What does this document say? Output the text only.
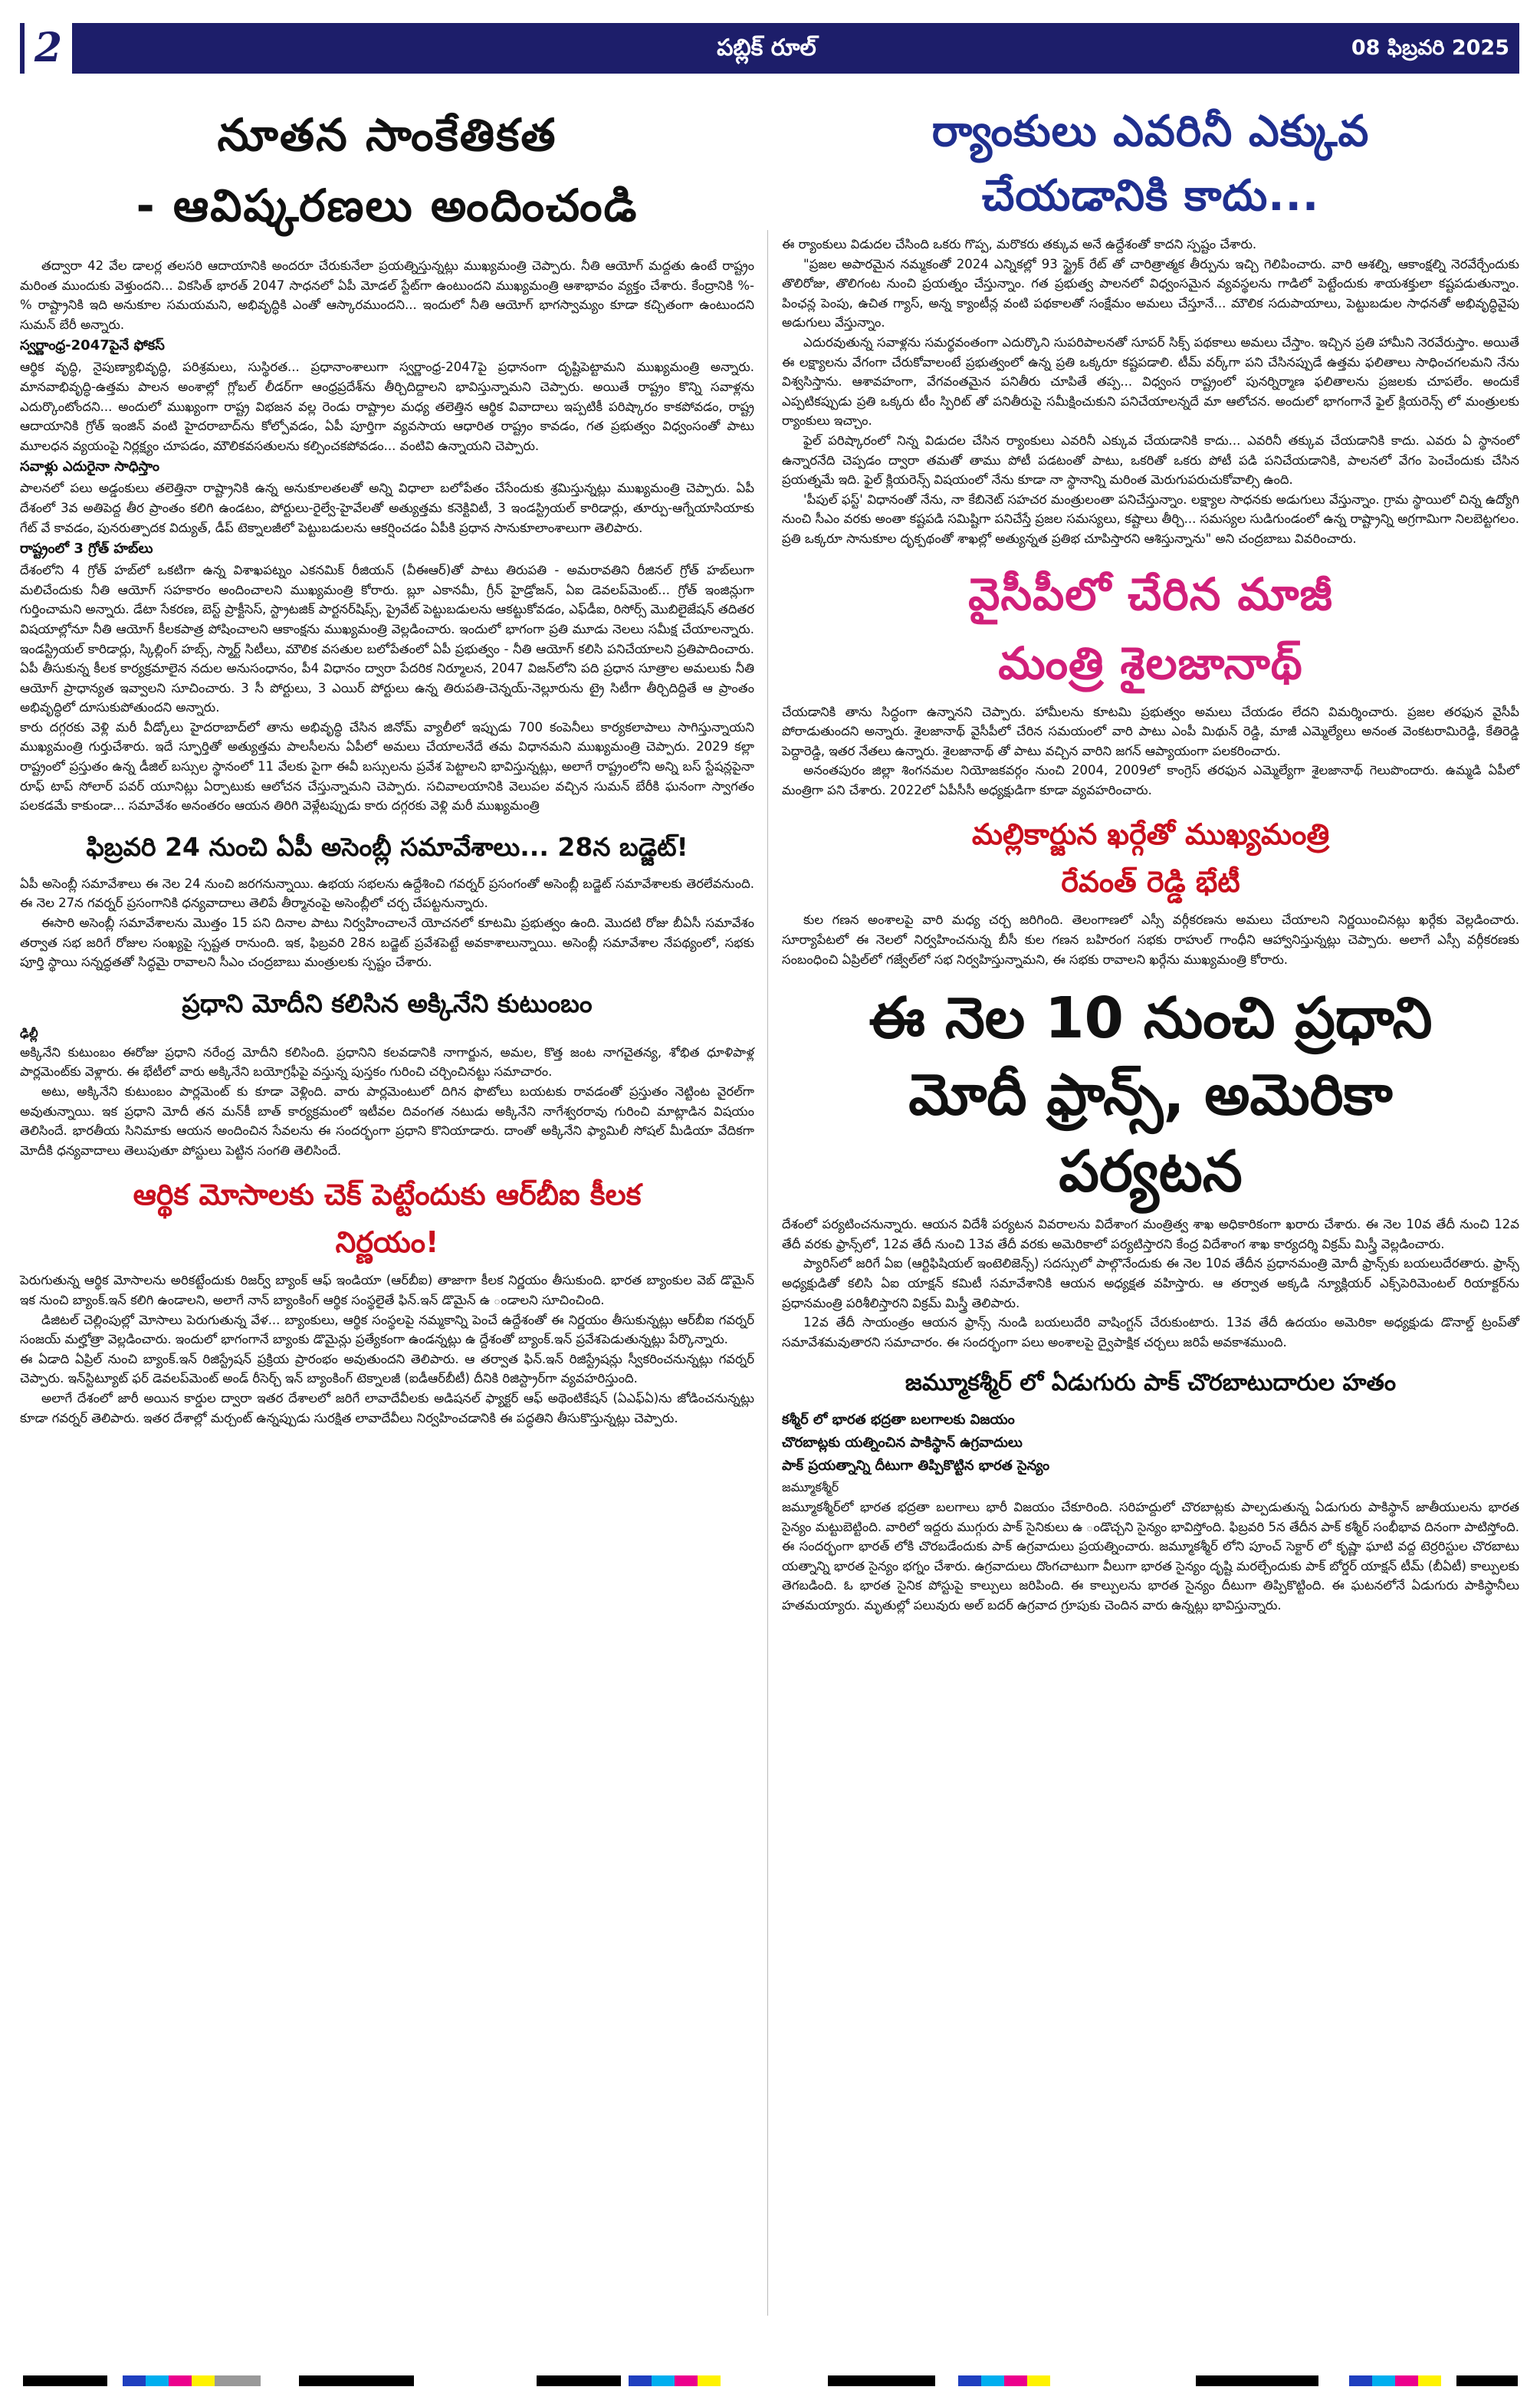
2	పబ్లిక్ రూల్	08 ఫిబ్రవరి 2025
నూతన సాంకేతికత
- ఆవిష్కరణలు అందించండి

తద్వారా 42 వేల డాలర్ల తలసరి ఆదాయానికి అందరూ చేరుకునేలా ప్రయత్నిస్తున్నట్లు ముఖ్యమంత్రి చెప్పారు. నీతి ఆయోగ్ మద్దతు ఉంటే రాష్ట్రం మరింత ముందుకు వెళ్తుందని... వికసిత్ భారత్ 2047 సాధనలో ఏపీ మోడల్ స్టేట్‌గా ఉంటుందని ముఖ్యమంత్రి ఆశాభావం వ్యక్తం చేశారు. కేంద్రానికి %-% రాష్ట్రానికి ఇది అనుకూల సమయమని, అభివృద్ధికి ఎంతో ఆస్కారముందని... ఇందులో నీతి ఆయోగ్ భాగస్వామ్యం కూడా కచ్చితంగా ఉంటుందని సుమన్ బేరీ అన్నారు.

స్వర్ణాంధ్ర-2047పైనే ఫోకస్

ఆర్థిక వృద్ధి, నైపుణ్యాభివృద్ధి, పరిశ్రమలు, సుస్థిరత... ప్రధానాంశాలుగా స్వర్ణాంధ్ర-2047పై ప్రధానంగా దృష్టిపెట్టామని ముఖ్యమంత్రి అన్నారు. మానవాభివృద్ధి-ఉత్తమ పాలన అంశాల్లో గ్లోబల్ లీడర్‌గా ఆంధ్రప్రదేశ్‌ను తీర్చిదిద్దాలని భావిస్తున్నామని చెప్పారు. అయితే రాష్ట్రం కొన్ని సవాళ్లను ఎదుర్కొంటోందని... అందులో ముఖ్యంగా రాష్ట్ర విభజన వల్ల రెండు రాష్ట్రాల మధ్య తలెత్తిన ఆర్థిక వివాదాలు ఇప్పటికీ పరిష్కారం కాకపోవడం, రాష్ట్ర ఆదాయానికి గ్రోత్ ఇంజిన్ వంటి హైదరాబాద్‌ను కోల్పోవడం, ఏపీ పూర్తిగా వ్యవసాయ ఆధారిత రాష్ట్రం కావడం, గత ప్రభుత్వం విధ్వంసంతో పాటు మూలధన వ్యయంపై నిర్లక్ష్యం చూపడం, మౌలికవసతులను కల్పించకపోవడం... వంటివి ఉన్నాయని చెప్పారు.

సవాళ్లు ఎదురైనా సాధిస్తాం

పాలనలో పలు అడ్డంకులు తలెత్తినా రాష్ట్రానికి ఉన్న అనుకూలతలతో అన్ని విధాలా బలోపేతం చేసేందుకు శ్రమిస్తున్నట్లు ముఖ్యమంత్రి చెప్పారు. ఏపీ దేశంలో 3వ అతిపెద్ద తీర ప్రాంతం కలిగి ఉండటం, పోర్టులు-రైల్వే-హైవేలతో అత్యుత్తమ కనెక్టివిటీ, 3 ఇండస్ట్రియల్ కారిడార్లు, తూర్పు-ఆగ్నేయాసియాకు గేట్ వే కావడం, పునరుత్పాదక విద్యుత్, డీప్ టెక్నాలజీలో పెట్టుబడులను ఆకర్షించడం ఏపీకి ప్రధాన సానుకూలాంశాలుగా తెలిపారు.

రాష్ట్రంలో 3 గ్రోత్ హబ్‌లు

దేశంలోని 4 గ్రోత్ హబ్‌లో ఒకటిగా ఉన్న విశాఖపట్నం ఎకనమిక్ రీజియన్ (వీఈఆర్)తో పాటు తిరుపతి - అమరావతిని రీజినల్ గ్రోత్ హబ్‌లుగా మలిచేందుకు నీతి ఆయోగ్ సహకారం అందించాలని ముఖ్యమంత్రి కోరారు. బ్లూ ఎకానమీ, గ్రీన్ హైడ్రోజన్, ఏఐ డెవలప్‌మెంట్... గ్రోత్ ఇంజిన్లుగా గుర్తించామని అన్నారు. డేటా సేకరణ, బెస్ట్ ప్రాక్టీసెస్, స్ట్రాటజిక్ పార్టనర్‌షిప్స్, ప్రైవేట్ పెట్టుబడులను ఆకట్టుకోవడం, ఎఫ్‌డీఐ, రిసోర్స్ మొబిలైజేషన్ తదితర విషయాల్లోనూ నీతి ఆయోగ్ కీలకపాత్ర పోషించాలని ఆకాంక్షను ముఖ్యమంత్రి వెల్లడించారు. ఇందులో భాగంగా ప్రతి మూడు నెలలు సమీక్ష చేయాలన్నారు. ఇండస్ట్రియల్ కారిడార్లు, స్కిల్లింగ్ హబ్స్, స్మార్ట్ సిటీలు, మౌలిక వసతుల బలోపేతంలో ఏపీ ప్రభుత్వం - నీతి ఆయోగ్ కలిసి పనిచేయాలని ప్రతిపాదించారు. ఏపీ తీసుకున్న కీలక కార్యక్రమాలైన నదుల అనుసంధానం, పీ4 విధానం ద్వారా పేదరిక నిర్మూలన, 2047 విజన్‌లోని పది ప్రధాన సూత్రాల అమలుకు నీతి ఆయోగ్ ప్రాధాన్యత ఇవ్వాలని సూచించారు. 3 సీ పోర్టులు, 3 ఎయిర్ పోర్టులు ఉన్న తిరుపతి-చెన్నయ్-నెల్లూరును ట్రై సిటీగా తీర్చిదిద్దితే ఆ ప్రాంతం అభివృద్ధిలో దూసుకుపోతుందని అన్నారు.

కారు దగ్గరకు వెళ్లి మరీ వీడ్కోలు హైదరాబాద్‌లో తాను అభివృద్ధి చేసిన జినోమ్ వ్యాలీలో ఇప్పుడు 700 కంపెనీలు కార్యకలాపాలు సాగిస్తున్నాయని ముఖ్యమంత్రి గుర్తుచేశారు. ఇదే స్ఫూర్తితో అత్యుత్తమ పాలసీలను ఏపీలో అమలు చేయాలనేదే తమ విధానమని ముఖ్యమంత్రి చెప్పారు. 2029 కల్లా రాష్ట్రంలో ప్రస్తుతం ఉన్న డీజిల్ బస్సుల స్థానంలో 11 వేలకు పైగా ఈవీ బస్సులను ప్రవేశ పెట్టాలని భావిస్తున్నట్లు, అలాగే రాష్ట్రంలోని అన్ని బస్ స్టేషన్లపైనా రూఫ్ టాప్ సోలార్ పవర్ యూనిట్లు ఏర్పాటుకు ఆలోచన చేస్తున్నామని చెప్పారు. సచివాలయానికి వెలుపల వచ్చిన సుమన్ బేరీకి ఘనంగా స్వాగతం పలకడమే కాకుండా... సమావేశం అనంతరం ఆయన తిరిగి వెళ్లేటప్పుడు కారు దగ్గరకు వెళ్లి మరీ ముఖ్యమంత్రి

ఫిబ్రవరి 24 నుంచి ఏపీ అసెంబ్లీ సమావేశాలు... 28న బడ్జెట్!

ఏపీ అసెంబ్లీ సమావేశాలు ఈ నెల 24 నుంచి జరగనున్నాయి. ఉభయ సభలను ఉద్దేశించి గవర్నర్ ప్రసంగంతో అసెంబ్లీ బడ్జెట్ సమావేశాలకు తెరలేవనుంది. ఈ నెల 27న గవర్నర్ ప్రసంగానికి ధన్యవాదాలు తెలిపే తీర్మానంపై అసెంబ్లీలో చర్చ చేపట్టనున్నారు.

ఈసారి అసెంబ్లీ సమావేశాలను మొత్తం 15 పని దినాల పాటు నిర్వహించాలనే యోచనలో కూటమి ప్రభుత్వం ఉంది. మొదటి రోజు బీఏసీ సమావేశం తర్వాత సభ జరిగే రోజుల సంఖ్యపై స్పష్టత రానుంది. ఇక, ఫిబ్రవరి 28న బడ్జెట్ ప్రవేశపెట్టే అవకాశాలున్నాయి. అసెంబ్లీ సమావేశాల నేపథ్యంలో, సభకు పూర్తి స్థాయి సన్నద్ధతతో సిద్ధమై రావాలని సీఎం చంద్రబాబు మంత్రులకు స్పష్టం చేశారు.

ప్రధాని మోదీని కలిసిన అక్కినేని కుటుంబం

ఢిల్లీ

అక్కినేని కుటుంబం ఈరోజు ప్రధాని నరేంద్ర మోదీని కలిసింది. ప్రధానిని కలవడానికి నాగార్జున, అమల, కొత్త జంట నాగచైతన్య, శోభిత ధూళిపాళ్ల పార్లమెంట్‌కు వెళ్లారు. ఈ భేటీలో వారు అక్కినేని బయోగ్రఫీపై వస్తున్న పుస్తకం గురించి చర్చించినట్టు సమాచారం.

అటు, అక్కినేని కుటుంబం పార్లమెంట్ కు కూడా వెళ్లింది. వారు పార్లమెంటులో దిగిన ఫొటోలు బయటకు రావడంతో ప్రస్తుతం నెట్టింట వైరల్‌గా అవుతున్నాయి. ఇక ప్రధాని మోదీ తన మన్‌కీ బాత్ కార్యక్రమంలో ఇటీవల దివంగత నటుడు అక్కినేని నాగేశ్వరరావు గురించి మాట్లాడిన విషయం తెలిసిందే. భారతీయ సినిమాకు ఆయన అందించిన సేవలను ఈ సందర్భంగా ప్రధాని కొనియాడారు. దాంతో అక్కినేని ఫ్యామిలీ సోషల్ మీడియా వేదికగా మోదీకి ధన్యవాదాలు తెలుపుతూ పోస్టులు పెట్టిన సంగతి తెలిసిందే.

ఆర్థిక మోసాలకు చెక్ పెట్టేందుకు ఆర్‌బీఐ కీలక
నిర్ణయం!

పెరుగుతున్న ఆర్థిక మోసాలను అరికట్టేందుకు రిజర్వ్ బ్యాంక్ ఆఫ్ ఇండియా (ఆర్‌బీఐ) తాజాగా కీలక నిర్ణయం తీసుకుంది. భారత బ్యాంకుల వెబ్ డొమైన్ ఇక నుంచి బ్యాంక్.ఇన్ కలిగి ఉండాలని, అలాగే నాన్ బ్యాంకింగ్ ఆర్థిక సంస్థలైతే ఫిన్.ఇన్ డొమైన్ ఉ ండాలని సూచించింది.

డిజిటల్ చెల్లింపుల్లో మోసాలు పెరుగుతున్న వేళ... బ్యాంకులు, ఆర్థిక సంస్థలపై నమ్మకాన్ని పెంచే ఉద్దేశంతో ఈ నిర్ణయం తీసుకున్నట్లు ఆర్‌బీఐ గవర్నర్ సంజయ్ మల్హోత్రా వెల్లడించారు. ఇందులో భాగంగానే బ్యాంకు డొమైన్లు ప్రత్యేకంగా ఉండన్నట్లు ఉ ద్దేశంతో బ్యాంక్.ఇన్ ప్రవేశపెడుతున్నట్లు పేర్కొన్నారు.

ఈ ఏడాది ఏప్రిల్ నుంచి బ్యాంక్.ఇన్ రిజిస్ట్రేషన్ ప్రక్రియ ప్రారంభం అవుతుందని తెలిపారు. ఆ తర్వాత ఫిన్.ఇన్ రిజిస్ట్రేషన్లు స్వీకరించనున్నట్లు గవర్నర్ చెప్పారు. ఇన్‌స్టిట్యూట్ ఫర్ డెవలప్‌మెంట్ అండ్ రీసెర్చ్ ఇన్ బ్యాంకింగ్ టెక్నాలజీ (ఐడీఆర్‌బీటీ) దీనికి రిజిస్ట్రార్‌గా వ్యవహరిస్తుంది.

అలాగే దేశంలో జారీ అయిన కార్డుల ద్వారా ఇతర దేశాలలో జరిగే లావాదేవీలకు అడిషనల్ ఫ్యాక్టర్ ఆఫ్ అథెంటికేషన్ (ఏఎఫ్ఏ)ను జోడించనున్నట్లు కూడా గవర్నర్ తెలిపారు. ఇతర దేశాల్లో మర్చంట్ ఉన్నప్పుడు సురక్షిత లావాదేవీలు నిర్వహించడానికి ఈ పద్ధతిని తీసుకొస్తున్నట్లు చెప్పారు.

ర్యాంకులు ఎవరినీ ఎక్కువ
చేయడానికి కాదు...

ఈ ర్యాంకులు విడుదల చేసింది ఒకరు గొప్ప, మరొకరు తక్కువ అనే ఉద్దేశంతో కాదని స్పష్టం చేశారు.

"ప్రజల అపారమైన నమ్మకంతో 2024 ఎన్నికల్లో 93 స్ట్రైక్ రేట్ తో చారిత్రాత్మక తీర్పును ఇచ్చి గెలిపించారు. వారి ఆశల్ని, ఆకాంక్షల్ని నెరవేర్చేందుకు తొలిరోజు, తొలిగంట నుంచి ప్రయత్నం చేస్తున్నాం. గత ప్రభుత్వ పాలనలో విధ్వంసమైన వ్యవస్థలను గాడిలో పెట్టేందుకు శాయశక్తులా కష్టపడుతున్నాం. పింఛన్ల పెంపు, ఉచిత గ్యాస్, అన్న క్యాంటీన్ల వంటి పథకాలతో సంక్షేమం అమలు చేస్తూనే... మౌలిక సదుపాయాలు, పెట్టుబడుల సాధనతో అభివృద్ధివైపు అడుగులు వేస్తున్నాం.

ఎదురవుతున్న సవాళ్లను సమర్థవంతంగా ఎదుర్కొని సుపరిపాలనతో సూపర్ సిక్స్ పథకాలు అమలు చేస్తాం. ఇచ్చిన ప్రతి హామీని నెరవేరుస్తాం. అయితే ఈ లక్ష్యాలను వేగంగా చేరుకోవాలంటే ప్రభుత్వంలో ఉన్న ప్రతి ఒక్కరూ కష్టపడాలి. టీమ్ వర్క్‌గా పని చేసినప్పుడే ఉత్తమ ఫలితాలు సాధించగలమని నేను విశ్వసిస్తాను. ఆశావహంగా, వేగవంతమైన పనితీరు చూపితే తప్ప... విధ్వంస రాష్ట్రంలో పునర్నిర్మాణ ఫలితాలను ప్రజలకు చూపలేం. అందుకే ఎప్పటికప్పుడు ప్రతి ఒక్కరు టీం స్పిరిట్ తో పనితీరుపై సమీక్షించుకుని పనిచేయాలన్నదే మా ఆలోచన. అందులో భాగంగానే ఫైల్ క్లియరెన్స్ లో మంత్రులకు ర్యాంకులు ఇచ్చాం.

ఫైల్ పరిష్కారంలో నిన్న విడుదల చేసిన ర్యాంకులు ఎవరినీ ఎక్కువ చేయడానికి కాదు... ఎవరినీ తక్కువ చేయడానికి కాదు. ఎవరు ఏ స్థానంలో ఉన్నారనేది చెప్పడం ద్వారా తమతో తాము పోటీ పడటంతో పాటు, ఒకరితో ఒకరు పోటీ పడి పనిచేయడానికి, పాలనలో వేగం పెంచేందుకు చేసిన ప్రయత్నమే ఇది. ఫైల్ క్లియరెన్స్ విషయంలో నేను కూడా నా స్థానాన్ని మరింత మెరుగుపరుచుకోవాల్సి ఉంది.

'పీపుల్ ఫస్ట్' విధానంతో నేను, నా కేబినెట్ సహచర మంత్రులంతా పనిచేస్తున్నాం. లక్ష్యాల సాధనకు అడుగులు వేస్తున్నాం. గ్రామ స్థాయిలో చిన్న ఉద్యోగి నుంచి సీఎం వరకు అంతా కష్టపడి సమిష్టిగా పనిచేస్తే ప్రజల సమస్యలు, కష్టాలు తీర్చి... సమస్యల సుడిగుండంలో ఉన్న రాష్ట్రాన్ని అగ్రగామిగా నిలబెట్టగలం. ప్రతి ఒక్కరూ సానుకూల దృక్పథంతో శాఖల్లో అత్యున్నత ప్రతిభ చూపిస్తారని ఆశిస్తున్నాను" అని చంద్రబాబు వివరించారు.

వైసీపీలో చేరిన మాజీ
మంత్రి శైలజానాథ్

చేయడానికి తాను సిద్ధంగా ఉన్నానని చెప్పారు. హామీలను కూటమి ప్రభుత్వం అమలు చేయడం లేదని విమర్శించారు. ప్రజల తరఫున వైసీపీ పోరాడుతుందని అన్నారు. శైలజానాథ్ వైసీపీలో చేరిన సమయంలో వారి పాటు ఎంపీ మిథున్ రెడ్డి, మాజీ ఎమ్మెల్యేలు అనంత వెంకటరామిరెడ్డి, కేతిరెడ్డి పెద్దారెడ్డి, ఇతర నేతలు ఉన్నారు. శైలజానాథ్ తో పాటు వచ్చిన వారిని జగన్ ఆప్యాయంగా పలకరించారు.

అనంతపురం జిల్లా శింగనమల నియోజకవర్గం నుంచి 2004, 2009లో కాంగ్రెస్ తరఫున ఎమ్మెల్యేగా శైలజానాథ్ గెలుపొందారు. ఉమ్మడి ఏపీలో మంత్రిగా పని చేశారు. 2022లో ఏపీసీసీ అధ్యక్షుడిగా కూడా వ్యవహరించారు.

మల్లికార్జున ఖర్గేతో ముఖ్యమంత్రి
రేవంత్ రెడ్డి భేటీ

కుల గణన అంశాలపై వారి మధ్య చర్చ జరిగింది. తెలంగాణలో ఎస్సీ వర్గీకరణను అమలు చేయాలని నిర్ణయించినట్లు ఖర్గేకు వెల్లడించారు. సూర్యాపేటలో ఈ నెలలో నిర్వహించనున్న బీసీ కుల గణన బహిరంగ సభకు రాహుల్ గాంధీని ఆహ్వానిస్తున్నట్లు చెప్పారు. అలాగే ఎస్సీ వర్గీకరణకు సంబంధించి ఏప్రిల్‌లో గజ్వేల్‌లో సభ నిర్వహిస్తున్నామని, ఈ సభకు రావాలని ఖర్గేను ముఖ్యమంత్రి కోరారు.

ఈ నెల 10 నుంచి ప్రధాని
మోదీ ఫ్రాన్స్, అమెరికా
పర్యటన

దేశంలో పర్యటించనున్నారు. ఆయన విదేశీ పర్యటన వివరాలను విదేశాంగ మంత్రిత్వ శాఖ అధికారికంగా ఖరారు చేశారు. ఈ నెల 10వ తేదీ నుంచి 12వ తేదీ వరకు ఫ్రాన్స్‌లో, 12వ తేదీ నుంచి 13వ తేదీ వరకు అమెరికాలో పర్యటిస్తారని కేంద్ర విదేశాంగ శాఖ కార్యదర్శి విక్రమ్ మిస్త్రీ వెల్లడించారు.

ప్యారిస్‌లో జరిగే ఏఐ (ఆర్టిఫిషియల్ ఇంటెలిజెన్స్) సదస్సులో పాల్గొనేందుకు ఈ నెల 10వ తేదీన ప్రధానమంత్రి మోదీ ఫ్రాన్స్‌కు బయలుదేరతారు. ఫ్రాన్స్ అధ్యక్షుడితో కలిసి ఏఐ యాక్షన్ కమిటీ సమావేశానికి ఆయన అధ్యక్షత వహిస్తారు. ఆ తర్వాత అక్కడి న్యూక్లియర్ ఎక్స్‌పెరిమెంటల్ రియాక్టర్‌ను ప్రధానమంత్రి పరిశీలిస్తారని విక్రమ్ మిస్త్రీ తెలిపారు.

12వ తేదీ సాయంత్రం ఆయన ఫ్రాన్స్ నుండి బయలుదేరి వాషింగ్టన్ చేరుకుంటారు. 13వ తేదీ ఉదయం అమెరికా అధ్యక్షుడు డొనాల్డ్ ట్రంప్‌తో సమావేశమవుతారని సమాచారం. ఈ సందర్భంగా పలు అంశాలపై ద్వైపాక్షిక చర్చలు జరిపే అవకాశముంది.

జమ్మూకశ్మీర్ లో ఏడుగురు పాక్ చొరబాటుదారుల హతం

కశ్మీర్ లో భారత భద్రతా బలగాలకు విజయం

చొరబాట్లకు యత్నించిన పాకిస్థాన్ ఉగ్రవాదులు

పాక్ ప్రయత్నాన్ని దీటుగా తిప్పికొట్టిన భారత సైన్యం

జమ్మూకశ్మీర్

జమ్మూకశ్మీర్‌లో భారత భద్రతా బలగాలు భారీ విజయం చేకూరింది. సరిహద్దులో చొరబాట్లకు పాల్పడుతున్న ఏడుగురు పాకిస్థాన్ జాతీయులను భారత సైన్యం మట్టుబెట్టింది. వారిలో ఇద్దరు ముగ్గురు పాక్ సైనికులు ఉ ండొచ్చని సైన్యం భావిస్తోంది. ఫిబ్రవరి 5న తేదీన పాక్ కశ్మీర్ సంభీభావ దినంగా పాటిస్తోంది. ఈ సందర్భంగా భారత్ లోకి చొరబడేందుకు పాక్ ఉగ్రవాదులు ప్రయత్నించారు. జమ్మూకశ్మీర్ లోని పూంచ్ సెక్టార్ లో కృష్ణా ఘాటి వద్ద టెర్రరిస్టుల చొరబాటు యత్నాన్ని భారత సైన్యం భగ్నం చేశారు. ఉగ్రవాదులు దొంగచాటుగా వీలుగా భారత సైన్యం దృష్టి మరల్చేందుకు పాక్ బోర్డర్ యాక్షన్ టీమ్ (బీఏటీ) కాల్పులకు తెగబడింది. ఓ భారత సైనిక పోస్టుపై కాల్పులు జరిపింది. ఈ కాల్పులను భారత సైన్యం దీటుగా తిప్పికొట్టింది. ఈ ఘటనలోనే ఏడుగురు పాకిస్థానీలు హతమయ్యారు. మృతుల్లో పలువురు అల్ బదర్ ఉగ్రవాద గ్రూపుకు చెందిన వారు ఉన్నట్లు భావిస్తున్నారు.
